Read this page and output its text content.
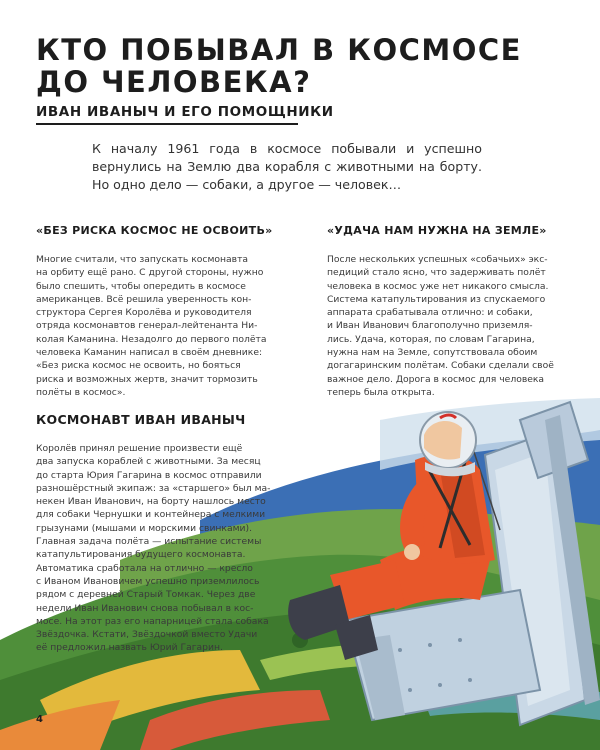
КТО ПОБЫВАЛ В КОСМОСЕ
ДО ЧЕЛОВЕКА?
ИВАН ИВАНЫЧ И ЕГО ПОМОЩНИКИ
К началу 1961 года в космосе побывали и успешно вернулись на Землю два корабля с животными на борту. Но одно дело — собаки, а другое — человек…
«БЕЗ РИСКА КОСМОС НЕ ОСВОИТЬ»

Многие считали, что запускать космонавта

на орбиту ещё рано. С другой стороны, нужно

было спешить, чтобы опередить в космосе

американцев. Всё решила уверенность кон-

структора Сергея Королёва и руководителя

отряда космонавтов генерал-лейтенанта Ни-

колая Каманина. Незадолго до первого полёта

человека Каманин написал в своём дневнике:

«Без риска космос не освоить, но бояться

риска и возможных жертв, значит тормозить

полёты в космос».

«УДАЧА НАМ НУЖНА НА ЗЕМЛЕ»

После нескольких успешных «собачьих» экс-

педиций стало ясно, что задерживать полёт

человека в космос уже нет никакого смысла.

Система катапультирования из спускаемого

аппарата срабатывала отлично: и собаки,

и Иван Иванович благополучно приземля-

лись. Удача, которая, по словам Гагарина,

нужна нам на Земле, сопутствовала обоим

догагаринским полётам. Собаки сделали своё

важное дело. Дорога в космос для человека

теперь была открыта.

КОСМОНАВТ ИВАН ИВАНЫЧ

Королёв принял решение произвести ещё

два запуска кораблей с животными. За месяц

до старта Юрия Гагарина в космос отправили

разношёрстный экипаж: за «старшего» был ма-

некен Иван Иванович, на борту нашлось место

для собаки Чернушки и контейнера с мелкими

грызунами (мышами и морскими свинками).

Главная задача полёта — испытание системы

катапультирования будущего космонавта.

Автоматика сработала на отлично — кресло

с Иваном Ивановичем успешно приземлилось

рядом с деревней Старый Томкак. Через две

недели Иван Иванович снова побывал в кос-

мосе. На этот раз его напарницей стала собака

Звёздочка. Кстати, Звёздочкой вместо Удачи

её предложил назвать Юрий Гагарин.

4
